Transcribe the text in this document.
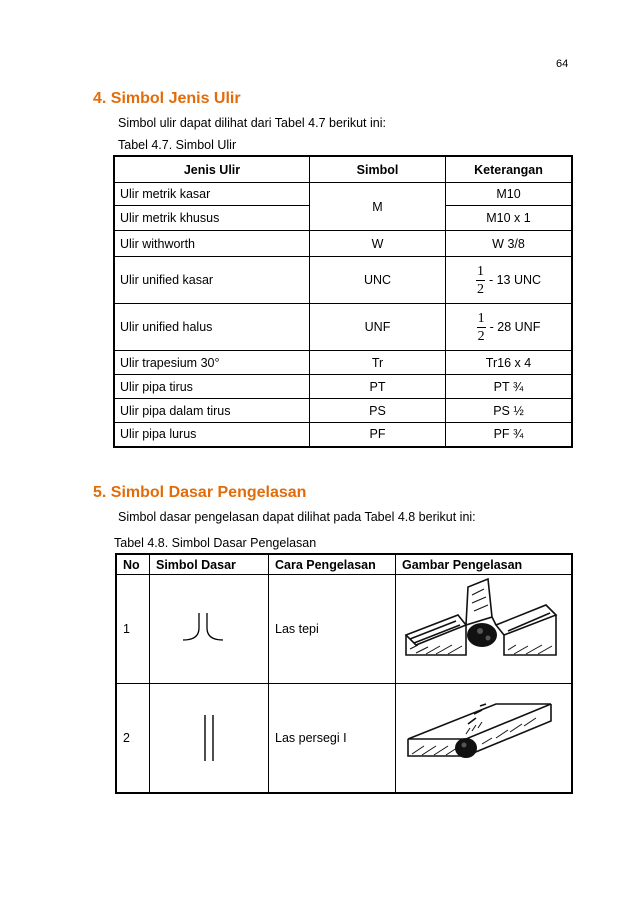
64
4. Simbol Jenis Ulir
Simbol ulir dapat dilihat dari Tabel 4.7 berikut ini:
Tabel 4.7. Simbol Ulir
Jenis Ulir	Simbol	Keterangan
Ulir metrik kasar	M	M10
Ulir metrik khusus		M10 x 1
Ulir withworth	W	W 3/8
Ulir unified kasar	UNC	$\frac{1}{2} - 13$ UNC
Ulir unified halus	UNF	$\frac{1}{2} - 28$ UNF
Ulir trapesium 30°	Tr	Tr16 x 4
Ulir pipa tirus	PT	PT ¾
Ulir pipa dalam tirus	PS	PS ½
Ulir pipa lurus	PF	PF ¾
5. Simbol Dasar Pengelasan
Simbol dasar pengelasan dapat dilihat pada Tabel 4.8 berikut ini:
Tabel 4.8. Simbol Dasar Pengelasan
No	Simbol Dasar	Cara Pengelasan	Gambar Pengelasan
1		Las tepi	
2		Las persegi I	
